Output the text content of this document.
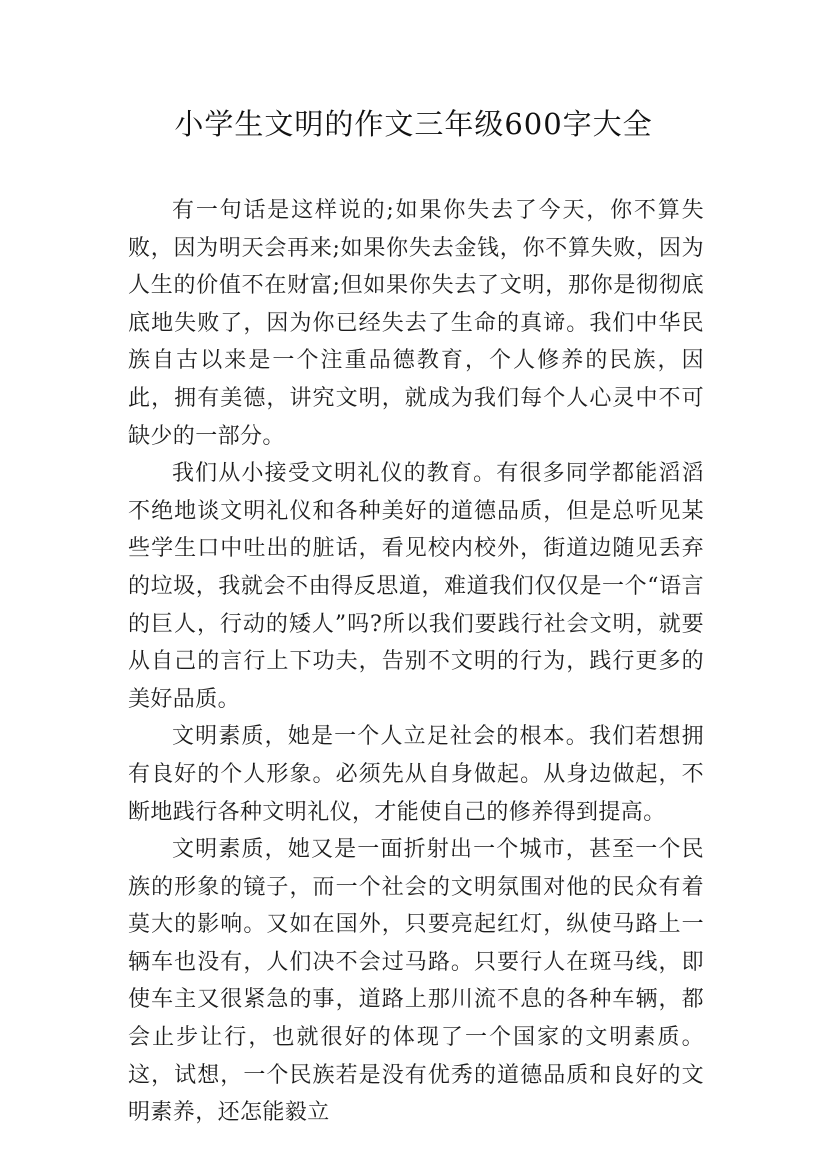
小学生文明的作文三年级600字大全

有一句话是这样说的;如果你失去了今天，你不算失败，因为明天会再来;如果你失去金钱，你不算失败，因为人生的价值不在财富;但如果你失去了文明，那你是彻彻底底地失败了，因为你已经失去了生命的真谛。我们中华民族自古以来是一个注重品德教育，个人修养的民族，因此，拥有美德，讲究文明，就成为我们每个人心灵中不可缺少的一部分。

我们从小接受文明礼仪的教育。有很多同学都能滔滔不绝地谈文明礼仪和各种美好的道德品质，但是总听见某些学生口中吐出的脏话，看见校内校外，街道边随见丢弃的垃圾，我就会不由得反思道，难道我们仅仅是一个“语言的巨人，行动的矮人”吗?所以我们要践行社会文明，就要从自己的言行上下功夫，告别不文明的行为，践行更多的美好品质。

文明素质，她是一个人立足社会的根本。我们若想拥有良好的个人形象。必须先从自身做起。从身边做起，不断地践行各种文明礼仪，才能使自己的修养得到提高。

文明素质，她又是一面折射出一个城市，甚至一个民族的形象的镜子，而一个社会的文明氛围对他的民众有着莫大的影响。又如在国外，只要亮起红灯，纵使马路上一辆车也没有，人们决不会过马路。只要行人在斑马线，即使车主又很紧急的事，道路上那川流不息的各种车辆，都会止步让行，也就很好的体现了一个国家的文明素质。这，试想，一个民族若是没有优秀的道德品质和良好的文明素养，还怎能毅立
